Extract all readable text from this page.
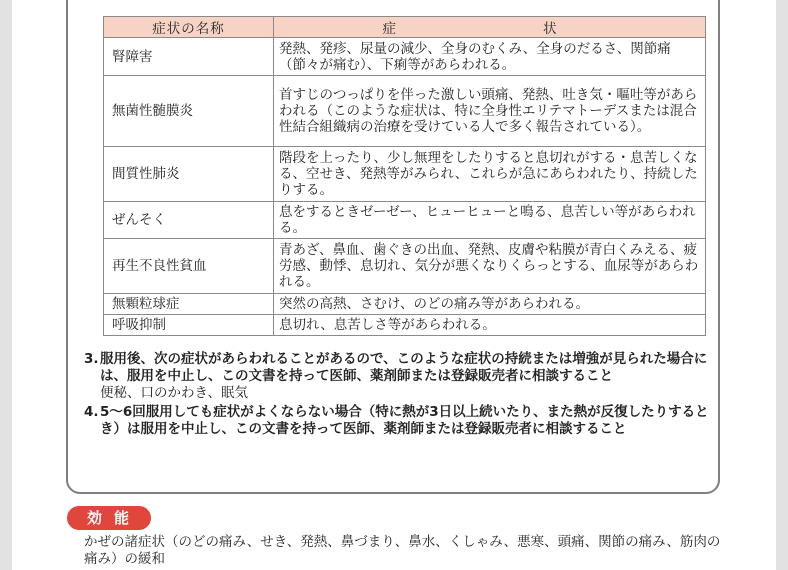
症状の名称	症　　状
腎障害	発熱、発疹、尿量の減少、全身のむくみ、全身のだるさ、関節痛（節々が痛む）、下痢等があらわれる。
無菌性髄膜炎	首すじのつっぱりを伴った激しい頭痛、発熱、吐き気・嘔吐等があらわれる（このような症状は、特に全身性エリテマトーデスまたは混合性結合組織病の治療を受けている人で多く報告されている）。
間質性肺炎	階段を上ったり、少し無理をしたりすると息切れがする・息苦しくなる、空せき、発熱等がみられ、これらが急にあらわれたり、持続したりする。
ぜんそく	息をするときゼーゼー、ヒューヒューと鳴る、息苦しい等があらわれる。
再生不良性貧血	青あざ、鼻血、歯ぐきの出血、発熱、皮膚や粘膜が青白くみえる、疲労感、動悸、息切れ、気分が悪くなりくらっとする、血尿等があらわれる。
無顆粒球症	突然の高熱、さむけ、のどの痛み等があらわれる。
呼吸抑制	息切れ、息苦しさ等があらわれる。
3. 服用後、次の症状があらわれることがあるので、このような症状の持続または増強が見られた場合には、服用を中止し、この文書を持って医師、薬剤師または登録販売者に相談すること
便秘、口のかわき、眠気
4. 5～6回服用しても症状がよくならない場合（特に熱が3日以上続いたり、また熱が反復したりするとき）は服用を中止し、この文書を持って医師、薬剤師または登録販売者に相談すること
効能
かぜの諸症状（のどの痛み、せき、発熱、鼻づまり、鼻水、くしゃみ、悪寒、頭痛、関節の痛み、筋肉の痛み）の緩和
